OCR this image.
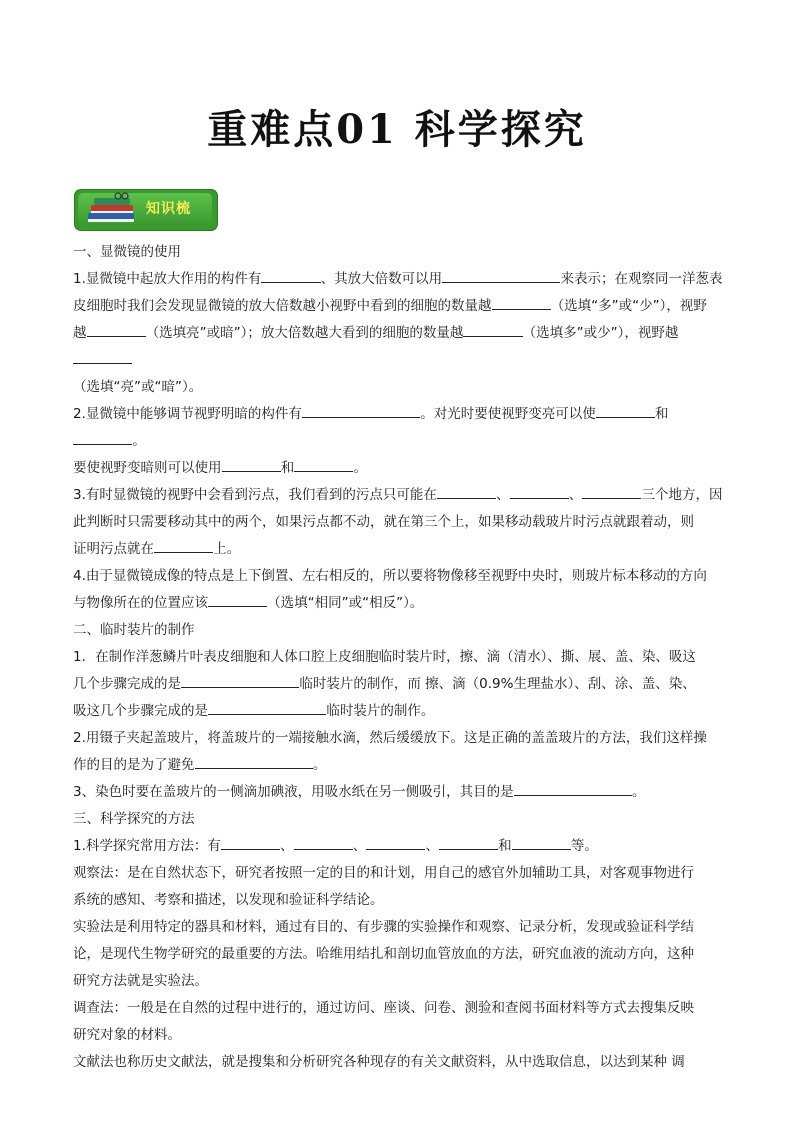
重难点01 科学探究
知识梳

一、显微镜的使用

1.显微镜中起放大作用的构件有	、其放大倍数可以用	来表示；在观察同一洋葱表

皮细胞时我们会发现显微镜的放大倍数越小视野中看到的细胞的数量越	（选填“多”或“少”），视野

越	（选填亮”或暗”）；放大倍数越大看到的细胞的数量越	（选填多”或少”），视野越

（选填“亮”或“暗”）。

2.显微镜中能够调节视野明暗的构件有	。对光时要使视野变亮可以使	和。

要使视野变暗则可以使用	和	。

3.有时显微镜的视野中会看到污点，我们看到的污点只可能在	、	、	三个地方，因

此判断时只需要移动其中的两个，如果污点都不动，就在第三个上，如果移动载玻片时污点就跟着动，则

证明污点就在	上。

4.由于显微镜成像的特点是上下倒置、左右相反的，所以要将物像移至视野中央时，则玻片标本移动的方向

与物像所在的位置应该	（选填“相同”或“相反”）。

二、临时装片的制作

1．在制作洋葱鳞片叶表皮细胞和人体口腔上皮细胞临时装片时，擦、滴（清水）、撕、展、盖、染、吸这

几个步骤完成的是	临时装片的制作，而 擦、滴（0.9%生理盐水）、刮、涂、盖、染、

吸这几个步骤完成的是	临时装片的制作。

2.用镊子夹起盖玻片，将盖玻片的一端接触水滴，然后缓缓放下。这是正确的盖盖玻片的方法，我们这样操

作的目的是为了避免	。

3、染色时要在盖玻片的一侧滴加碘液，用吸水纸在另一侧吸引，其目的是	。

三、科学探究的方法

1.科学探究常用方法：有	、	、	、	和	等。

观察法：是在自然状态下，研究者按照一定的目的和计划，用自己的感官外加辅助工具，对客观事物进行

系统的感知、考察和描述，以发现和验证科学结论。

实验法是利用特定的器具和材料，通过有目的、有步骤的实验操作和观察、记录分析，发现或验证科学结

论，是现代生物学研究的最重要的方法。哈维用结扎和剖切血管放血的方法，研究血液的流动方向，这种

研究方法就是实验法。

调查法：一般是在自然的过程中进行的，通过访问、座谈、问卷、测验和查阅书面材料等方式去搜集反映

研究对象的材料。

文献法也称历史文献法，就是搜集和分析研究各种现存的有关文献资料，从中选取信息，以达到某种 调
